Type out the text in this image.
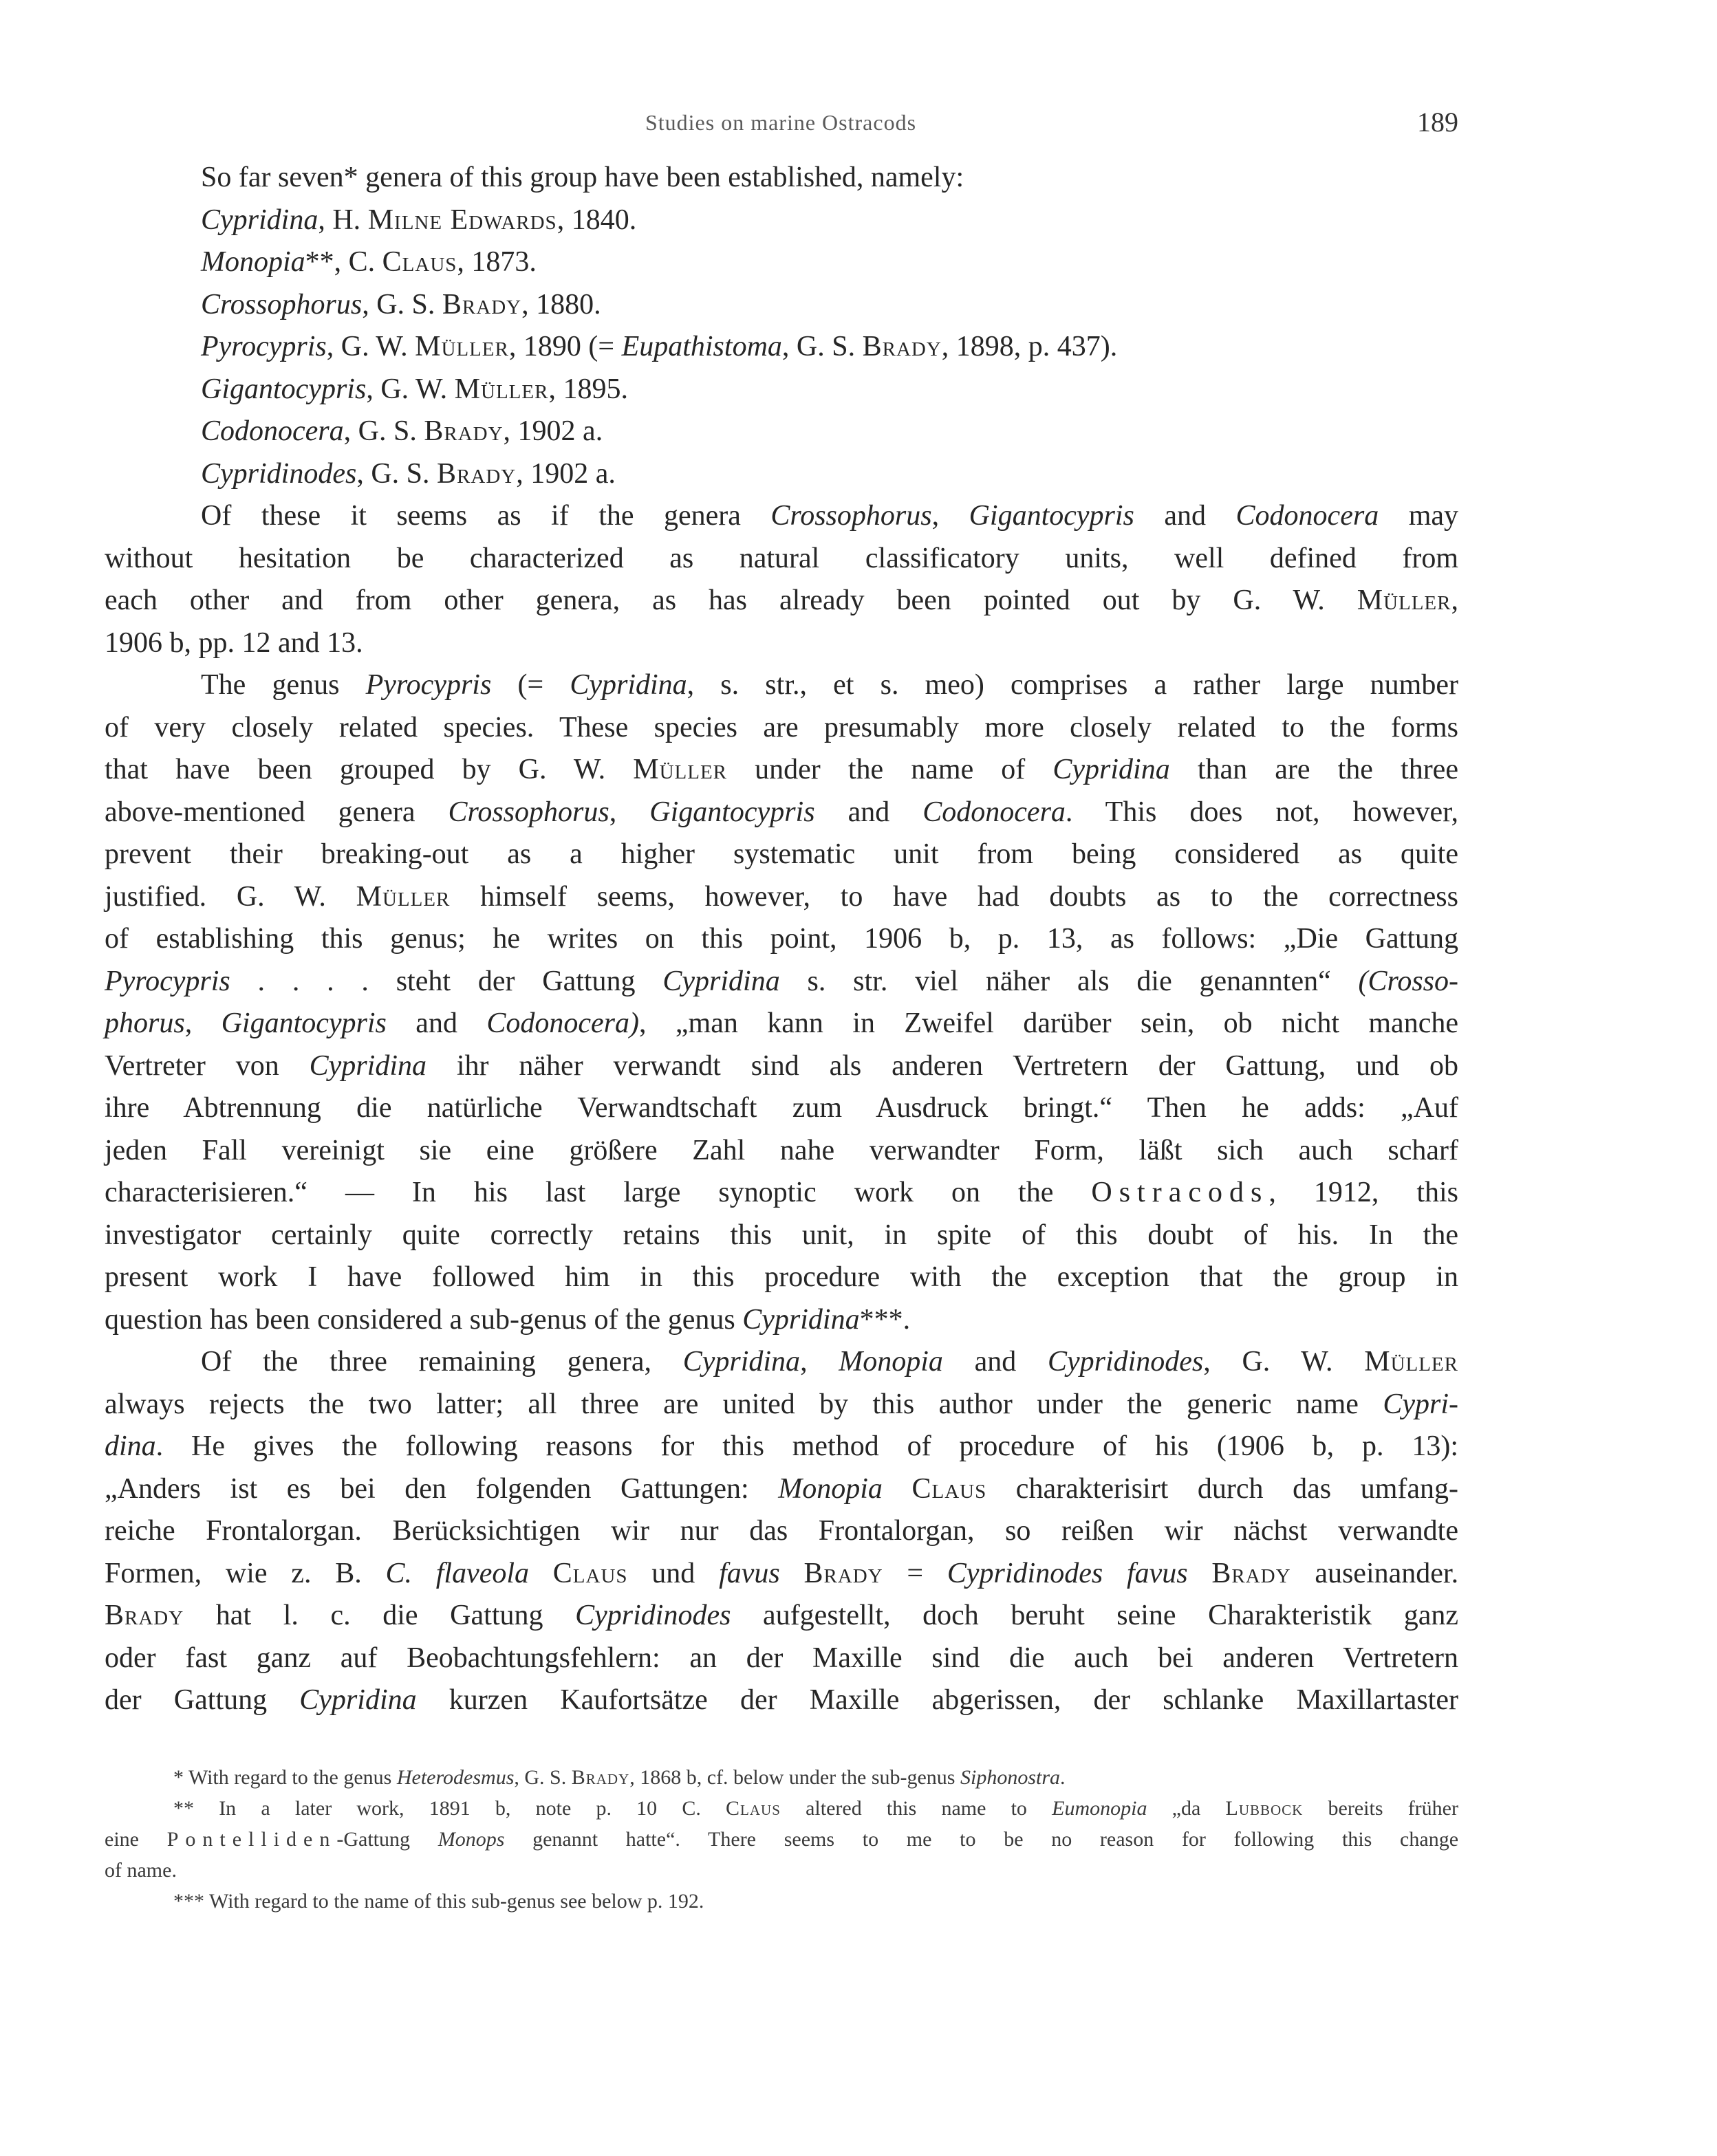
Studies on marine Ostracods	189
So far seven* genera of this group have been established, namely:
Cypridina, H. Milne Edwards, 1840.
Monopia**, C. Claus, 1873.
Crossophorus, G. S. Brady, 1880.
Pyrocypris, G. W. Müller, 1890 (= Eupathistoma, G. S. Brady, 1898, p. 437).
Gigantocypris, G. W. Müller, 1895.
Codonocera, G. S. Brady, 1902 a.
Cypridinodes, G. S. Brady, 1902 a.
Of these it seems as if the genera Crossophorus, Gigantocypris and Codonocera may
without hesitation be characterized as natural classificatory units, well defined from
each other and from other genera, as has already been pointed out by G. W. Müller,
1906 b, pp. 12 and 13.
The genus Pyrocypris (= Cypridina, s. str., et s. meo) comprises a rather large number
of very closely related species. These species are presumably more closely related to the forms
that have been grouped by G. W. Müller under the name of Cypridina than are the three
above-mentioned genera Crossophorus, Gigantocypris and Codonocera. This does not, however,
prevent their breaking-out as a higher systematic unit from being considered as quite
justified. G. W. Müller himself seems, however, to have had doubts as to the correctness
of establishing this genus; he writes on this point, 1906 b, p. 13, as follows: „Die Gattung
Pyrocypris . . . . steht der Gattung Cypridina s. str. viel näher als die genannten“ (Crosso-
phorus, Gigantocypris and Codonocera), „man kann in Zweifel darüber sein, ob nicht manche
Vertreter von Cypridina ihr näher verwandt sind als anderen Vertretern der Gattung, und ob
ihre Abtrennung die natürliche Verwandtschaft zum Ausdruck bringt.“ Then he adds: „Auf
jeden Fall vereinigt sie eine größere Zahl nahe verwandter Form, läßt sich auch scharf
characterisieren.“ — In his last large synoptic work on the Ostracods, 1912, this
investigator certainly quite correctly retains this unit, in spite of this doubt of his. In the
present work I have followed him in this procedure with the exception that the group in
question has been considered a sub-genus of the genus Cypridina***.
Of the three remaining genera, Cypridina, Monopia and Cypridinodes, G. W. Müller
always rejects the two latter; all three are united by this author under the generic name Cypri-
dina. He gives the following reasons for this method of procedure of his (1906 b, p. 13):
„Anders ist es bei den folgenden Gattungen: Monopia Claus charakterisirt durch das umfang-
reiche Frontalorgan. Berücksichtigen wir nur das Frontalorgan, so reißen wir nächst verwandte
Formen, wie z. B. C. flaveola Claus und favus Brady = Cypridinodes favus Brady auseinander.
Brady hat l. c. die Gattung Cypridinodes aufgestellt, doch beruht seine Charakteristik ganz
oder fast ganz auf Beobachtungsfehlern: an der Maxille sind die auch bei anderen Vertretern
der Gattung Cypridina kurzen Kaufortsätze der Maxille abgerissen, der schlanke Maxillartaster
* With regard to the genus Heterodesmus, G. S. Brady, 1868 b, cf. below under the sub-genus Siphonostra.
** In a later work, 1891 b, note p. 10 C. Claus altered this name to Eumonopia „da Lubbock bereits früher
eine Pontelliden-Gattung Monops genannt hatte“. There seems to me to be no reason for following this change
of name.
*** With regard to the name of this sub-genus see below p. 192.
